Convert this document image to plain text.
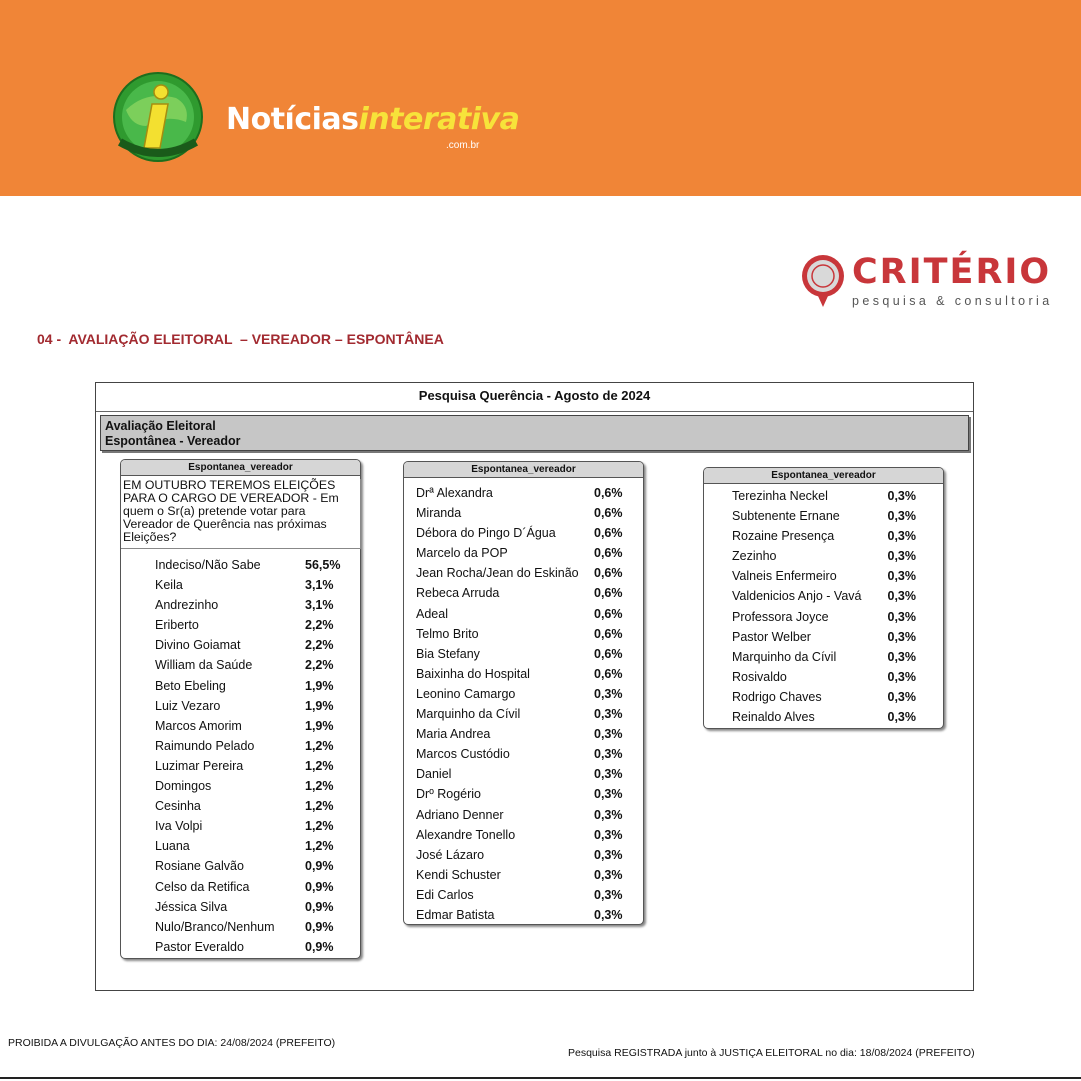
Notíciasinterativa
.com.br
CRITÉRIO
pesquisa & consultoria
04 -  AVALIAÇÃO ELEITORAL  – VEREADOR – ESPONTÂNEA
Pesquisa Querência - Agosto de 2024
Avaliação Eleitoral
Espontânea - Vereador
Espontanea_vereador
EM OUTUBRO TEREMOS ELEIÇÕES PARA O CARGO DE VEREADOR - Em quem o Sr(a) pretende votar para Vereador de Querência nas próximas Eleições?
Indeciso/Não Sabe	56,5%
Keila	3,1%
Andrezinho	3,1%
Eriberto	2,2%
Divino Goiamat	2,2%
William da Saúde	2,2%
Beto Ebeling	1,9%
Luiz Vezaro	1,9%
Marcos Amorim	1,9%
Raimundo Pelado	1,2%
Luzimar Pereira	1,2%
Domingos	1,2%
Cesinha	1,2%
Iva Volpi	1,2%
Luana	1,2%
Rosiane Galvão	0,9%
Celso da Retifica	0,9%
Jéssica Silva	0,9%
Nulo/Branco/Nenhum	0,9%
Pastor Everaldo	0,9%
Espontanea_vereador
Drª Alexandra	0,6%
Miranda	0,6%
Débora do Pingo D´Água	0,6%
Marcelo da POP	0,6%
Jean Rocha/Jean do Eskinão	0,6%
Rebeca Arruda	0,6%
Adeal	0,6%
Telmo Brito	0,6%
Bia Stefany	0,6%
Baixinha do Hospital	0,6%
Leonino Camargo	0,3%
Marquinho da Cívil	0,3%
Maria Andrea	0,3%
Marcos Custódio	0,3%
Daniel	0,3%
Drº Rogério	0,3%
Adriano Denner	0,3%
Alexandre Tonello	0,3%
José Lázaro	0,3%
Kendi Schuster	0,3%
Edi Carlos	0,3%
Edmar Batista	0,3%
Espontanea_vereador
Terezinha Neckel	0,3%
Subtenente Ernane	0,3%
Rozaine Presença	0,3%
Zezinho	0,3%
Valneis Enfermeiro	0,3%
Valdenicios Anjo - Vavá	0,3%
Professora Joyce	0,3%
Pastor Welber	0,3%
Marquinho da Cívil	0,3%
Rosivaldo	0,3%
Rodrigo Chaves	0,3%
Reinaldo Alves	0,3%
PROIBIDA A DIVULGAÇÃO ANTES DO DIA: 24/08/2024 (PREFEITO)
Pesquisa REGISTRADA junto à JUSTIÇA ELEITORAL no dia: 18/08/2024 (PREFEITO)
